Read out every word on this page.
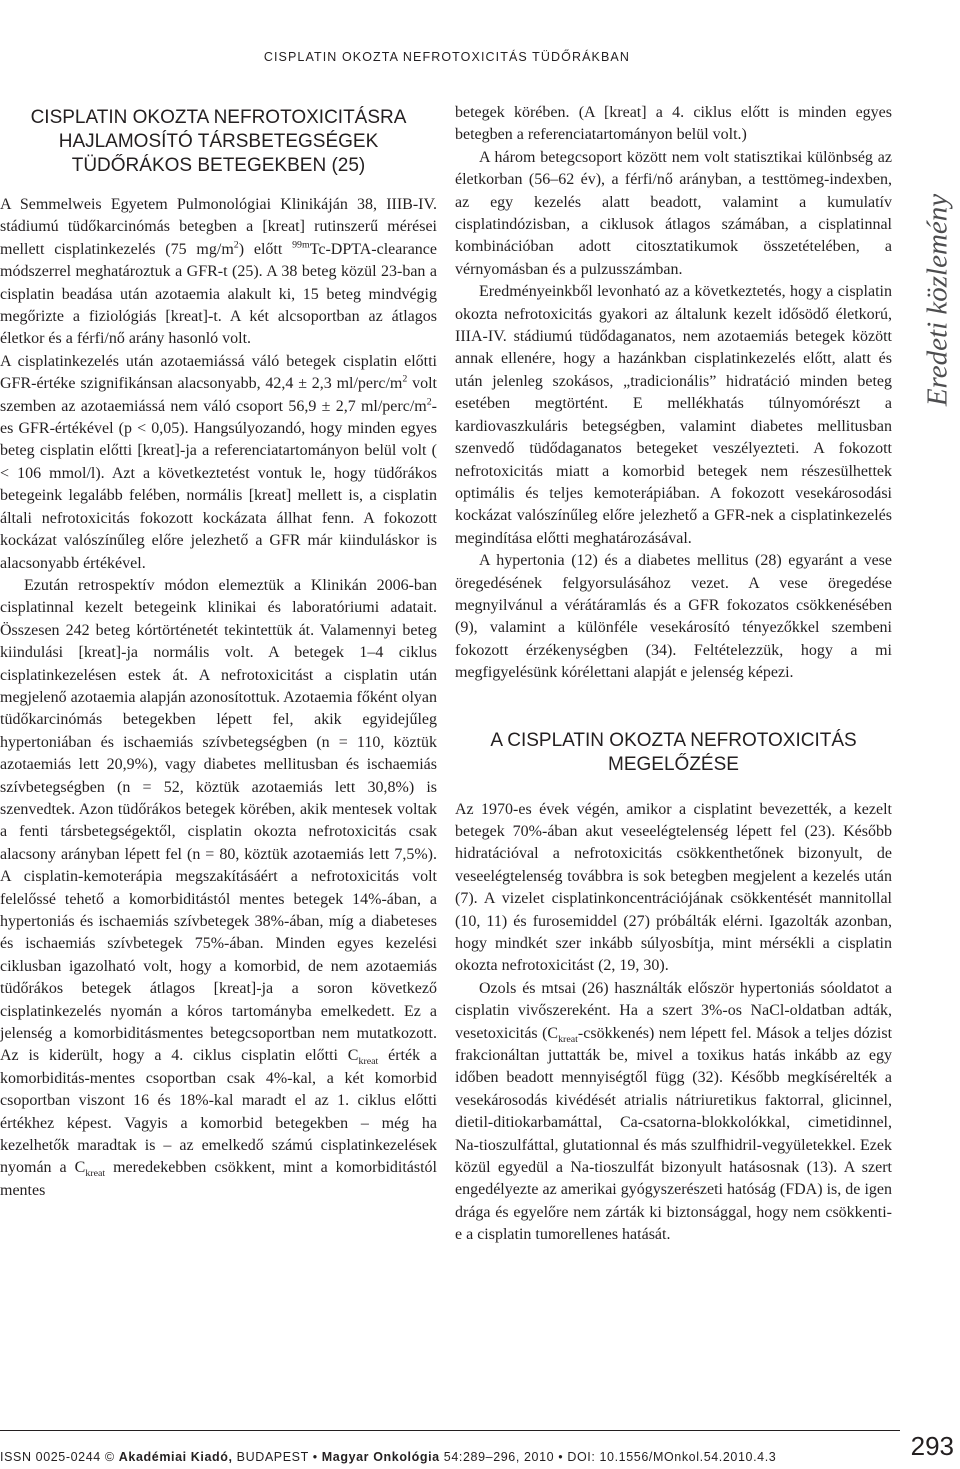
CISPLATIN OKOZTA NEFROTOXICITÁS TÜDŐRÁKBAN
Eredeti közlemény
CISPLATIN OKOZTA NEFROTOXICITÁSRA HAJLAMOSÍTÓ TÁRSBETEGSÉGEK TÜDŐRÁKOS BETEGEKBEN (25)

A Semmelweis Egyetem Pulmonológiai Klinikáján 38, IIIB-IV. stádiumú tüdőkarcinómás betegben a [kreat] rutinszerű mérései mellett cisplatinkezelés (75 $mg/m^2$) előtt $^{99m}$Tc-DPTA-clearance módszerrel meghatároztuk a GFR-t (25). A 38 beteg közül 23-ban a cisplatin beadása után azotaemia alakult ki, 15 beteg mindvégig megőrizte a fiziológiás [kreat]-t. A két alcsoportban az átlagos életkor és a férfi/nő arány hasonló volt.

A cisplatinkezelés után azotaemiássá váló betegek cisplatin előtti GFR-értéke szignifikánsan alacsonyabb, 42,4 ± 2,3 $ml/perc/m^2$ volt szemben az azotaemiássá nem váló csoport 56,9 ± 2,7 $ml/perc/m^2-es$ GFR-értékével (p < 0,05). Hangsúlyozandó, hogy minden egyes beteg cisplatin előtti [kreat]-ja a referenciatartományon belül volt ( < 106 mmol/l). Azt a következtetést vontuk le, hogy tüdőrákos betegeink legalább felében, normális [kreat] mellett is, a cisplatin általi nefrotoxicitás fokozott kockázata állhat fenn. A fokozott kockázat valószínűleg előre jelezhető a GFR már kiinduláskor is alacsonyabb értékével.

Ezután retrospektív módon elemeztük a Klinikán 2006-ban cisplatinnal kezelt betegeink klinikai és laboratóriumi adatait. Összesen 242 beteg kórtörténetét tekintettük át. Valamennyi beteg kiindulási [kreat]-ja normális volt. A betegek 1–4 ciklus cisplatinkezelésen estek át. A nefrotoxicitást a cisplatin után megjelenő azotaemia alapján azonosítottuk. Azotaemia főként olyan tüdőkarcinómás betegekben lépett fel, akik egyidejűleg hypertoniában és ischaemiás szívbetegségben (n = 110, köztük azotaemiás lett 20,9%), vagy diabetes mellitusban és ischaemiás szívbetegségben (n = 52, köztük azotaemiás lett 30,8%) is szenvedtek. Azon tüdőrákos betegek körében, akik mentesek voltak a fenti társbetegségektől, cisplatin okozta nefrotoxicitás csak alacsony arányban lépett fel (n = 80, köztük azotaemiás lett 7,5%). A cisplatin-kemoterápia megszakításáért a nefrotoxicitás volt felelőssé tehető a komorbiditástól mentes betegek 14%-ában, a hypertoniás és ischaemiás szívbetegek 38%-ában, míg a diabeteses és ischaemiás szívbetegek 75%-ában. Minden egyes kezelési ciklusban igazolható volt, hogy a komorbid, de nem azotaemiás tüdőrákos betegek átlagos [kreat]-ja a soron következő cisplatinkezelés nyomán a kóros tartományba emelkedett. Ez a jelenség a komorbiditásmentes betegcsoportban nem mutatkozott. Az is kiderült, hogy a 4. ciklus cisplatin előtti $C_{kreat}$ érték a komorbiditás-mentes csoportban csak 4%-kal, a két komorbid csoportban viszont 16 és 18%-kal maradt el az 1. ciklus előtti értékhez képest. Vagyis a komorbid betegekben – még ha kezelhetők maradtak is – az emelkedő számú cisplatinkezelések nyomán a $C_{kreat}$ meredekebben csökkent, mint a komorbiditástól mentes

betegek körében. (A [kreat] a 4. ciklus előtt is minden egyes betegben a referenciatartományon belül volt.)

A három betegcsoport között nem volt statisztikai különbség az életkorban (56–62 év), a férfi/nő arányban, a testtömeg-indexben, az egy kezelés alatt beadott, valamint a kumulatív cisplatindózisban, a ciklusok átlagos számában, a cisplatinnal kombinációban adott citosztatikumok összetételében, a vérnyomásban és a pulzusszámban.

Eredményeinkből levonható az a következtetés, hogy a cisplatin okozta nefrotoxicitás gyakori az általunk kezelt idősödő életkorú, IIIA-IV. stádiumú tüdődaganatos, nem azotaemiás betegek között annak ellenére, hogy a hazánkban cisplatinkezelés előtt, alatt és után jelenleg szokásos, „tradicionális” hidratáció minden beteg esetében megtörtént. E mellékhatás túlnyomórészt a kardiovaszkuláris betegségben, valamint diabetes mellitusban szenvedő tüdődaganatos betegeket veszélyezteti. A fokozott nefrotoxicitás miatt a komorbid betegek nem részesülhettek optimális és teljes kemoterápiában. A fokozott vesekárosodási kockázat valószínűleg előre jelezhető a GFR-nek a cisplatinkezelés megindítása előtti meghatározásával.

A hypertonia (12) és a diabetes mellitus (28) egyaránt a vese öregedésének felgyorsulásához vezet. A vese öregedése megnyilvánul a vérátáramlás és a GFR fokozatos csökkenésében (9), valamint a különféle vesekárosító tényezőkkel szembeni fokozott érzékenységben (34). Feltételezzük, hogy a mi megfigyelésünk kórélettani alapját e jelenség képezi.

A CISPLATIN OKOZTA NEFROTOXICITÁS MEGELŐZÉSE

Az 1970-es évek végén, amikor a cisplatint bevezették, a kezelt betegek 70%-ában akut veseelégtelenség lépett fel (23). Később hidratációval a nefrotoxicitás csökkenthetőnek bizonyult, de veseelégtelenség továbbra is sok betegben megjelent a kezelés után (7). A vizelet cisplatinkoncentrációjának csökkentését mannitollal (10, 11) és furosemiddel (27) próbálták elérni. Igazolták azonban, hogy mindkét szer inkább súlyosbítja, mint mérsékli a cisplatin okozta nefrotoxicitást (2, 19, 30).

Ozols és mtsai (26) használták először hypertoniás sóoldatot a cisplatin vivőszereként. Ha a szert 3%-os NaCl-oldatban adták, vesetoxicitás $(C_{kreat}-csökkenés)$ nem lépett fel. Mások a teljes dózist frakcionáltan juttatták be, mivel a toxikus hatás inkább az egy időben beadott mennyiségtől függ (32). Később megkísérelték a vesekárosodás kivédését atrialis nátriuretikus faktorral, glicinnel, dietil-ditiokarbamáttal, Ca-csatorna-blokkolókkal, cimetidinnel, Na-tioszulfáttal, glutationnal és más szulfhidril-vegyületekkel. Ezek közül egyedül a Na-tioszulfát bizonyult hatásosnak (13). A szert engedélyezte az amerikai gyógyszerészeti hatóság (FDA) is, de igen drága és egyelőre nem zárták ki biztonsággal, hogy nem csökkenti-e a cisplatin tumorellenes hatását.

ISSN 0025-0244 © Akadémiai Kiadó, BUDAPEST • Magyar Onkológia 54:289–296, 2010 • DOI: 10.1556/MOnkol.54.2010.4.3	293
